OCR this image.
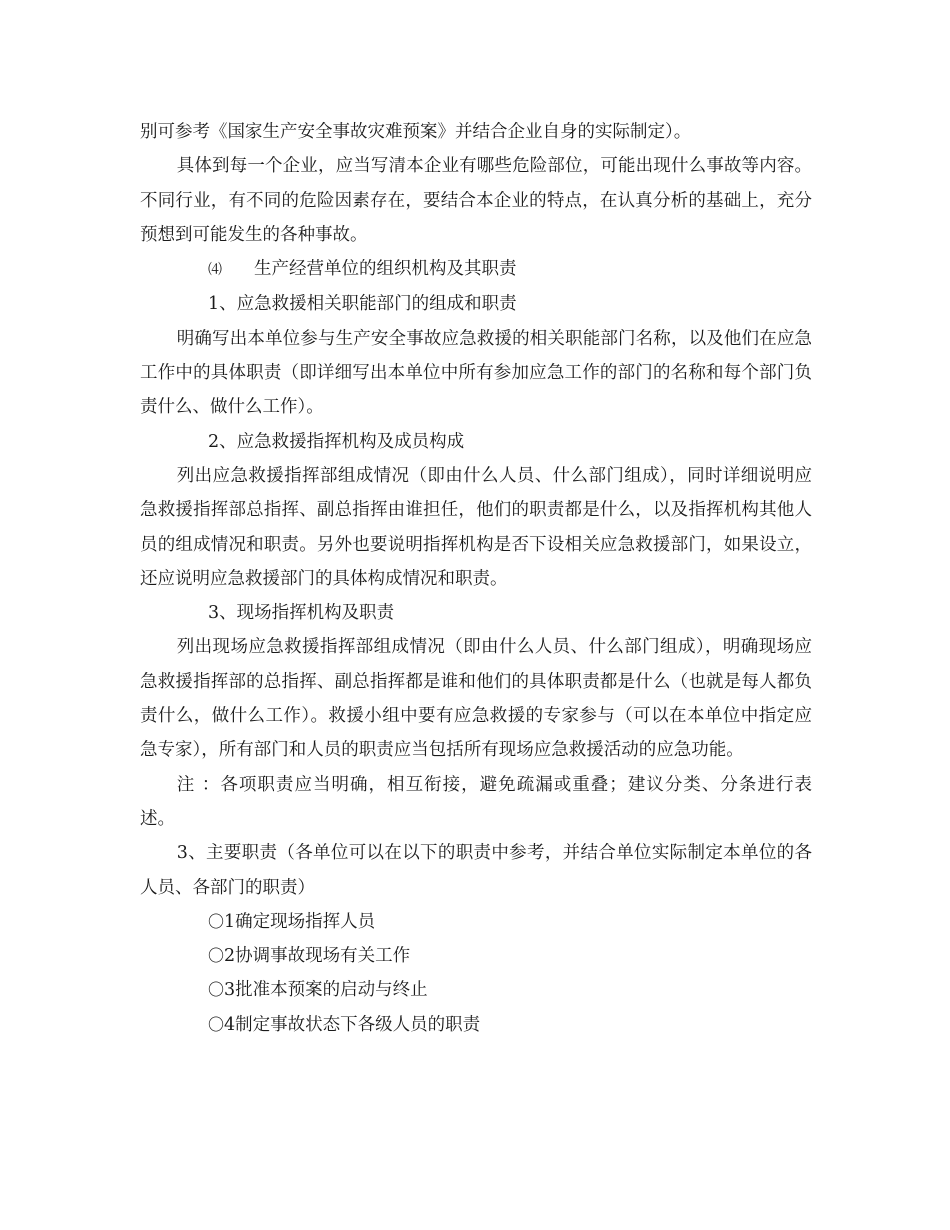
别可参考《国家生产安全事故灾难预案》并结合企业自身的实际制定）。

具体到每一个企业，应当写清本企业有哪些危险部位，可能出现什么事故等内容。不同行业，有不同的危险因素存在，要结合本企业的特点，在认真分析的基础上，充分预想到可能发生的各种事故。

⑷ 生产经营单位的组织机构及其职责

1、应急救援相关职能部门的组成和职责

明确写出本单位参与生产安全事故应急救援的相关职能部门名称，以及他们在应急工作中的具体职责（即详细写出本单位中所有参加应急工作的部门的名称和每个部门负责什么、做什么工作）。

2、应急救援指挥机构及成员构成

列出应急救援指挥部组成情况（即由什么人员、什么部门组成），同时详细说明应急救援指挥部总指挥、副总指挥由谁担任，他们的职责都是什么，以及指挥机构其他人员的组成情况和职责。另外也要说明指挥机构是否下设相关应急救援部门，如果设立，还应说明应急救援部门的具体构成情况和职责。

3、现场指挥机构及职责

列出现场应急救援指挥部组成情况（即由什么人员、什么部门组成），明确现场应急救援指挥部的总指挥、副总指挥都是谁和他们的具体职责都是什么（也就是每人都负责什么，做什么工作）。救援小组中要有应急救援的专家参与（可以在本单位中指定应急专家），所有部门和人员的职责应当包括所有现场应急救援活动的应急功能。

注 ：各项职责应当明确，相互衔接，避免疏漏或重叠；建议分类、分条进行表述。

3、主要职责（各单位可以在以下的职责中参考，并结合单位实际制定本单位的各人员、各部门的职责）

〇1确定现场指挥人员

〇2协调事故现场有关工作

〇3批准本预案的启动与终止

〇4制定事故状态下各级人员的职责
